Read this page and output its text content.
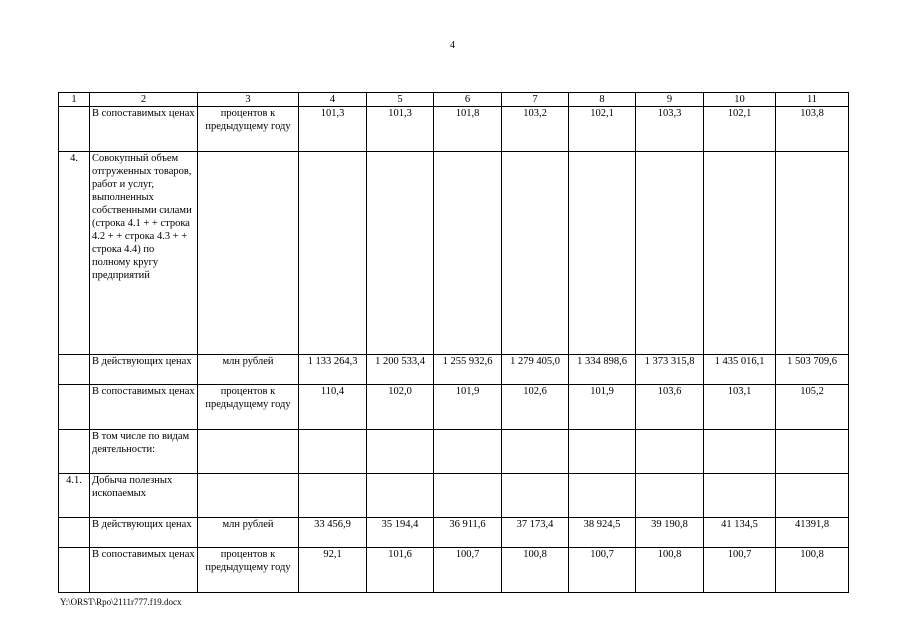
4
1	2	3	4	5	6	7	8	9	10	11
	В сопоставимых ценах	процентов к предыдущему году	101,3	101,3	101,8	103,2	102,1	103,3	102,1	103,8
4.	Совокупный объем отгруженных товаров, работ и услуг, выполненных собственными силами (строка 4.1 + + строка 4.2 + + строка 4.3 + + строка 4.4) по полному кругу предприятий									
	В действующих ценах	млн рублей	1 133 264,3	1 200 533,4	1 255 932,6	1 279 405,0	1 334 898,6	1 373 315,8	1 435 016,1	1 503 709,6
	В сопоставимых ценах	процентов к предыдущему году	110,4	102,0	101,9	102,6	101,9	103,6	103,1	105,2
	В том числе по видам деятельности:									
4.1.	Добыча полезных ископаемых									
	В действующих ценах	млн рублей	33 456,9	35 194,4	36 911,6	37 173,4	38 924,5	39 190,8	41 134,5	41391,8
	В сопоставимых ценах	процентов к предыдущему году	92,1	101,6	100,7	100,8	100,7	100,8	100,7	100,8
Y:\ORST\Rpo\2111r777.f19.docx
